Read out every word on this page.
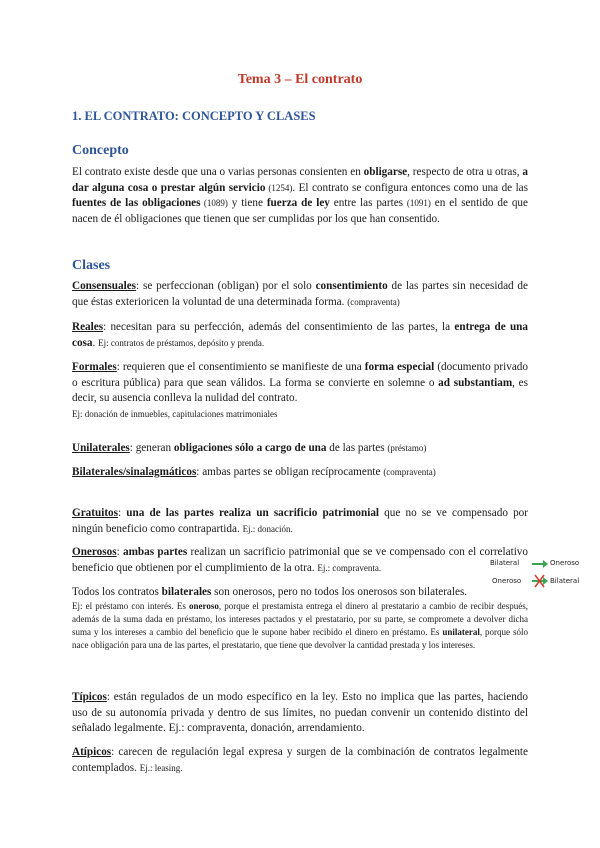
Tema 3 – El contrato
1. EL CONTRATO: CONCEPTO Y CLASES
Concepto

El contrato existe desde que una o varias personas consienten en obligarse, respecto de otra u otras, a dar alguna cosa o prestar algún servicio (1254). El contrato se configura entonces como una de las fuentes de las obligaciones (1089) y tiene fuerza de ley entre las partes (1091) en el sentido de que nacen de él obligaciones que tienen que ser cumplidas por los que han consentido.

Clases

Consensuales: se perfeccionan (obligan) por el solo consentimiento de las partes sin necesidad de que éstas exterioricen la voluntad de una determinada forma. (compraventa)

Reales: necesitan para su perfección, además del consentimiento de las partes, la entrega de una cosa. Ej: contratos de préstamos, depósito y prenda.

Formales: requieren que el consentimiento se manifieste de una forma especial (documento privado o escritura pública) para que sean válidos. La forma se convierte en solemne o ad substantiam, es decir, su ausencia conlleva la nulidad del contrato.
Ej: donación de inmuebles, capitulaciones matrimoniales

Unilaterales: generan obligaciones sólo a cargo de una de las partes (préstamo)

Bilaterales/sinalagmáticos: ambas partes se obligan recíprocamente (compraventa)

Gratuitos: una de las partes realiza un sacrificio patrimonial que no se ve compensado por ningún beneficio como contrapartida. Ej.: donación.

Onerosos: ambas partes realizan un sacrificio patrimonial que se ve compensado con el correlativo beneficio que obtienen por el cumplimiento de la otra. Ej.: compraventa.

Todos los contratos bilaterales son onerosos, pero no todos los onerosos son bilaterales.

Ej: el préstamo con interés. Es oneroso, porque el prestamista entrega el dinero al prestatario a cambio de recibir después, además de la suma dada en préstamo, los intereses pactados y el prestatario, por su parte, se compromete a devolver dicha suma y los intereses a cambio del beneficio que le supone haber recibido el dinero en préstamo. Es unilateral, porque sólo nace obligación para una de las partes, el prestatario, que tiene que devolver la cantidad prestada y los intereses.

Típicos: están regulados de un modo específico en la ley. Esto no implica que las partes, haciendo uso de su autonomía privada y dentro de sus límites, no puedan convenir un contenido distinto del señalado legalmente. Ej.: compraventa, donación, arrendamiento.

Atípicos: carecen de regulación legal expresa y surgen de la combinación de contratos legalmente contemplados. Ej.: leasing.

Bilateral	Oneroso
Oneroso	Bilateral
